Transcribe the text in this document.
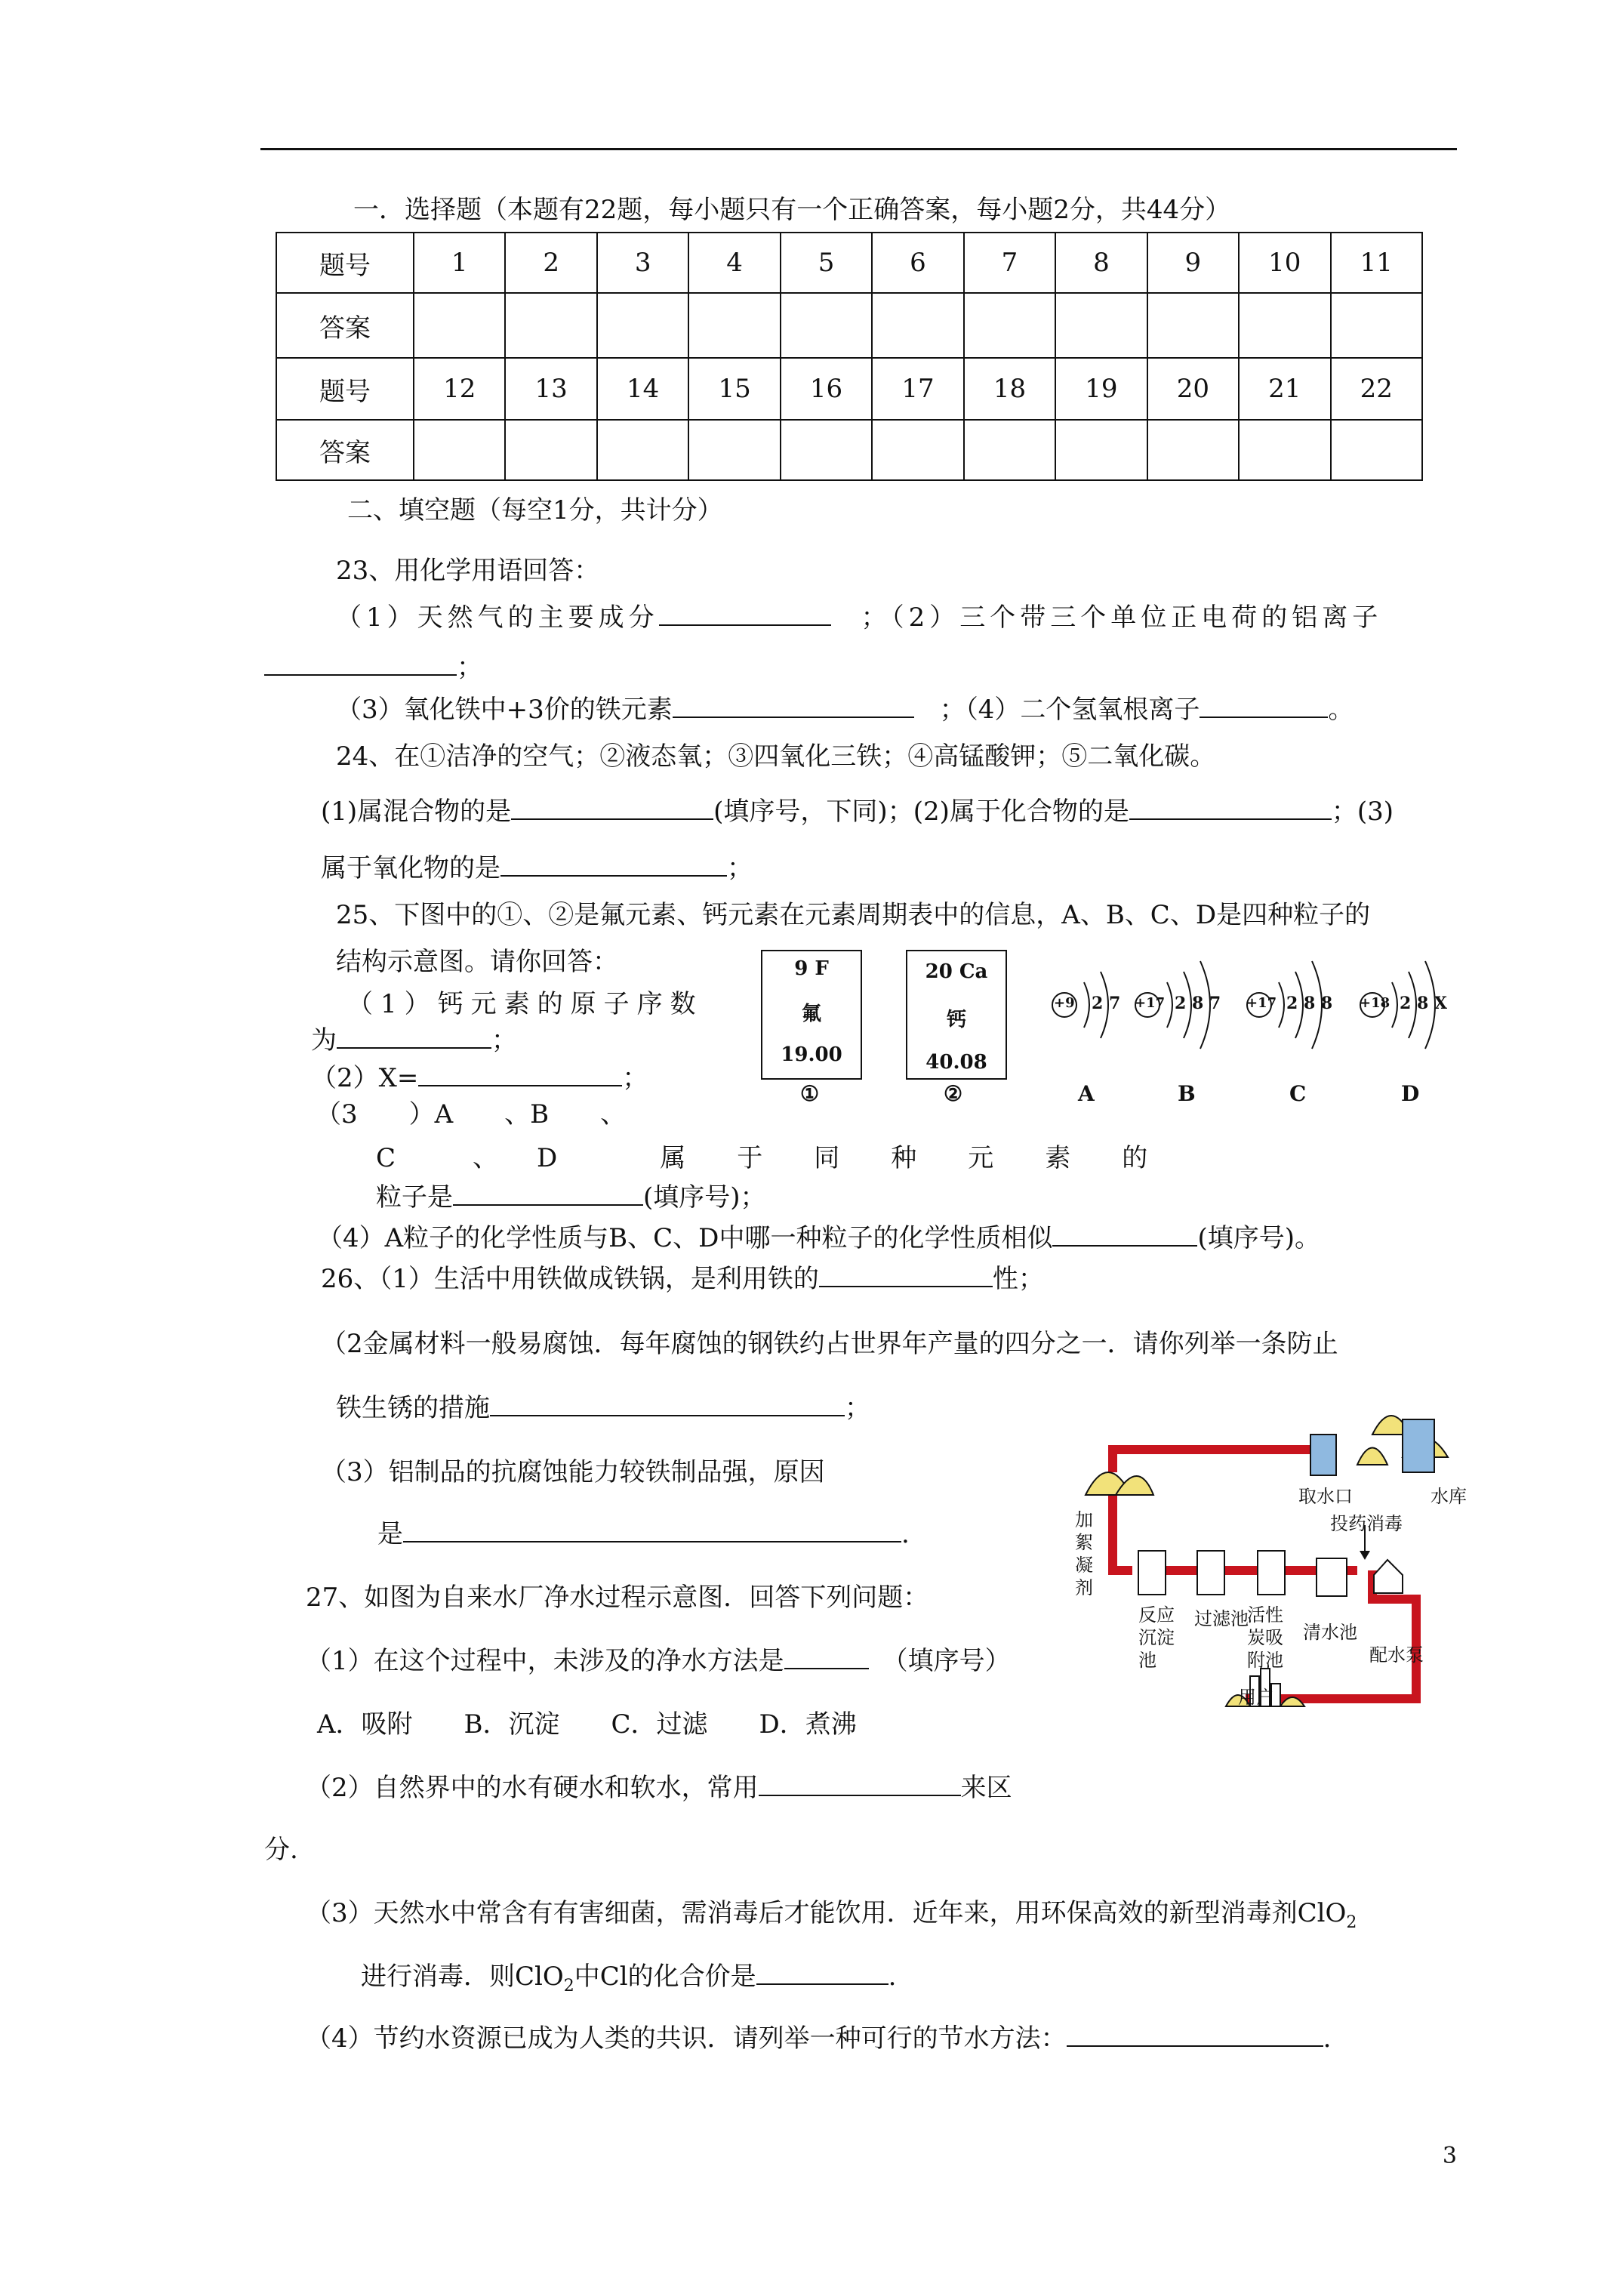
一．选择题（本题有22题，每小题只有一个正确答案，每小题2分，共44分）
题号	1	2	3	4	5	6	7	8	9	10	11
答案											
题号	12	13	14	15	16	17	18	19	20	21	22
答案											
二、填空题（每空1分，共计分）
23、用化学用语回答：
（1）天然气的主要成分	；（2）三个带三个单位正电荷的铝离子
；
（3）氧化铁中+3价的铁元素	；（4）二个氢氧根离子	。
24、在①洁净的空气；②液态氧；③四氧化三铁；④高锰酸钾；⑤二氧化碳。
(1)属混合物的是	(填序号，下同)；(2)属于化合物的是	；(3)
属于氧化物的是	；
25、下图中的①、②是氟元素、钙元素在元素周期表中的信息，A、B、C、D是四种粒子的
结构示意图。请你回答：
（1）钙元素的原子序数
为	；
（2）X=	；
（3　　）A　　、B　　、
C　　　、　　D　　　　属　　于　　同　　种　　元　　素　　的
粒子是	(填序号)；
（4）A粒子的化学性质与B、C、D中哪一种粒子的化学性质相似	(填序号)。
9 F
氟
19.00
①
20 Ca
钙
40.08
②
+9 2 7 +17 2 8 7 +17 2 8 8 +18 2 8 X
A	B	C	D
26、（1）生活中用铁做成铁锅，是利用铁的	性；
（2金属材料一般易腐蚀．每年腐蚀的钢铁约占世界年产量的四分之一．请你列举一条防止
铁生锈的措施	；
（3）铝制品的抗腐蚀能力较铁制品强，原因
是	.
27、如图为自来水厂净水过程示意图．回答下列问题：
（1）在这个过程中，未涉及的净水方法是	（填序号）
A．吸附　　B．沉淀　　C．过滤　　D．煮沸
（2）自然界中的水有硬水和软水，常用	来区
分.
（3）天然水中常含有有害细菌，需消毒后才能饮用．近年来，用环保高效的新型消毒剂ClO$_2$
进行消毒．则ClO$_2$中Cl的化合价是	.
（4）节约水资源已成为人类的共识．请列举一种可行的节水方法：	.
取水口	水库
投药消毒
加絮凝剂
反应沉淀池
过滤池
活性炭吸附池
清水池
配水泵
用户
3
